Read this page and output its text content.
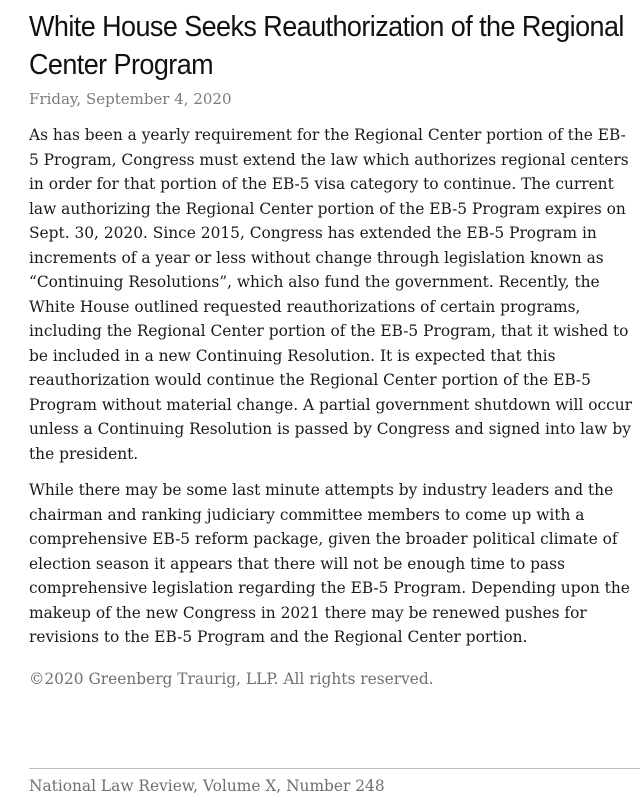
White House Seeks Reauthorization of the Regional Center Program
Friday, September 4, 2020

As has been a yearly requirement for the Regional Center portion of the EB-5 Program, Congress must extend the law which authorizes regional centers in order for that portion of the EB-5 visa category to continue. The current law authorizing the Regional Center portion of the EB-5 Program expires on Sept. 30, 2020. Since 2015, Congress has extended the EB-5 Program in increments of a year or less without change through legislation known as “Continuing Resolutions”, which also fund the government. Recently, the White House outlined requested reauthorizations of certain programs, including the Regional Center portion of the EB-5 Program, that it wished to be included in a new Continuing Resolution. It is expected that this reauthorization would continue the Regional Center portion of the EB-5 Program without material change. A partial government shutdown will occur unless a Continuing Resolution is passed by Congress and signed into law by the president.

While there may be some last minute attempts by industry leaders and the chairman and ranking judiciary committee members to come up with a comprehensive EB-5 reform package, given the broader political climate of election season it appears that there will not be enough time to pass comprehensive legislation regarding the EB-5 Program. Depending upon the makeup of the new Congress in 2021 there may be renewed pushes for revisions to the EB-5 Program and the Regional Center portion.

©2020 Greenberg Traurig, LLP. All rights reserved.
National Law Review, Volume X, Number 248
